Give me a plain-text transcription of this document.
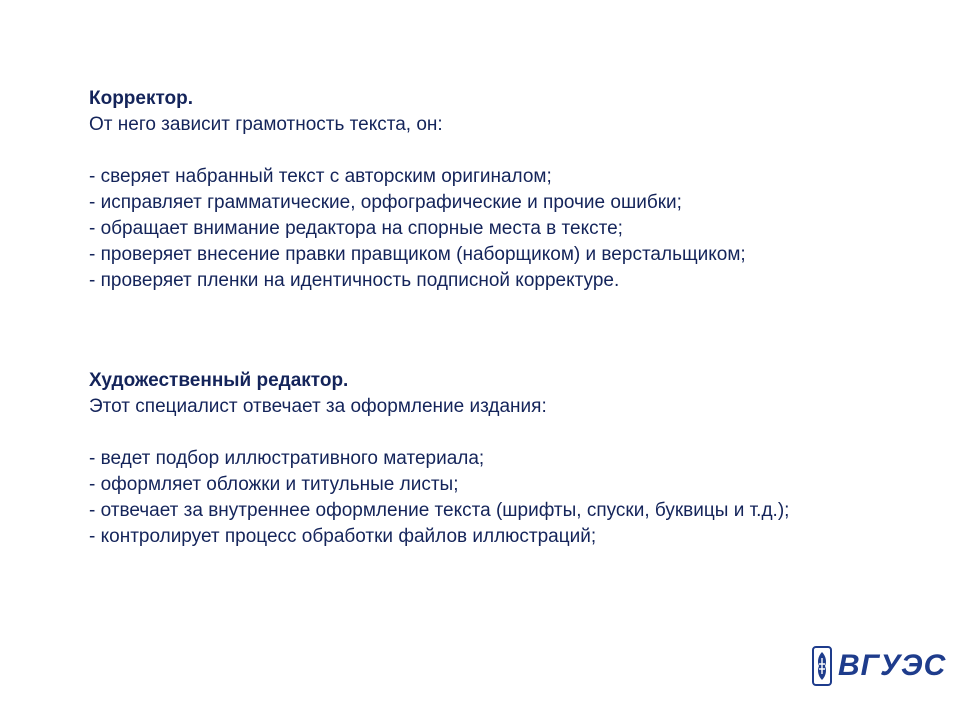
Корректор.

От него зависит грамотность текста, он:

- сверяет набранный текст с авторским оригиналом;

- исправляет грамматические, орфографические и прочие ошибки;

- обращает внимание редактора на спорные места в тексте;

- проверяет внесение правки правщиком (наборщиком) и верстальщиком;

- проверяет пленки на идентичность подписной корректуре.

Художественный редактор.

Этот специалист отвечает за оформление издания:

- ведет подбор иллюстративного материала;

- оформляет обложки и титульные листы;

- отвечает за внутреннее оформление текста (шрифты, спуски, буквицы и т.д.);

- контролирует процесс обработки файлов иллюстраций;

ВГУЭС
